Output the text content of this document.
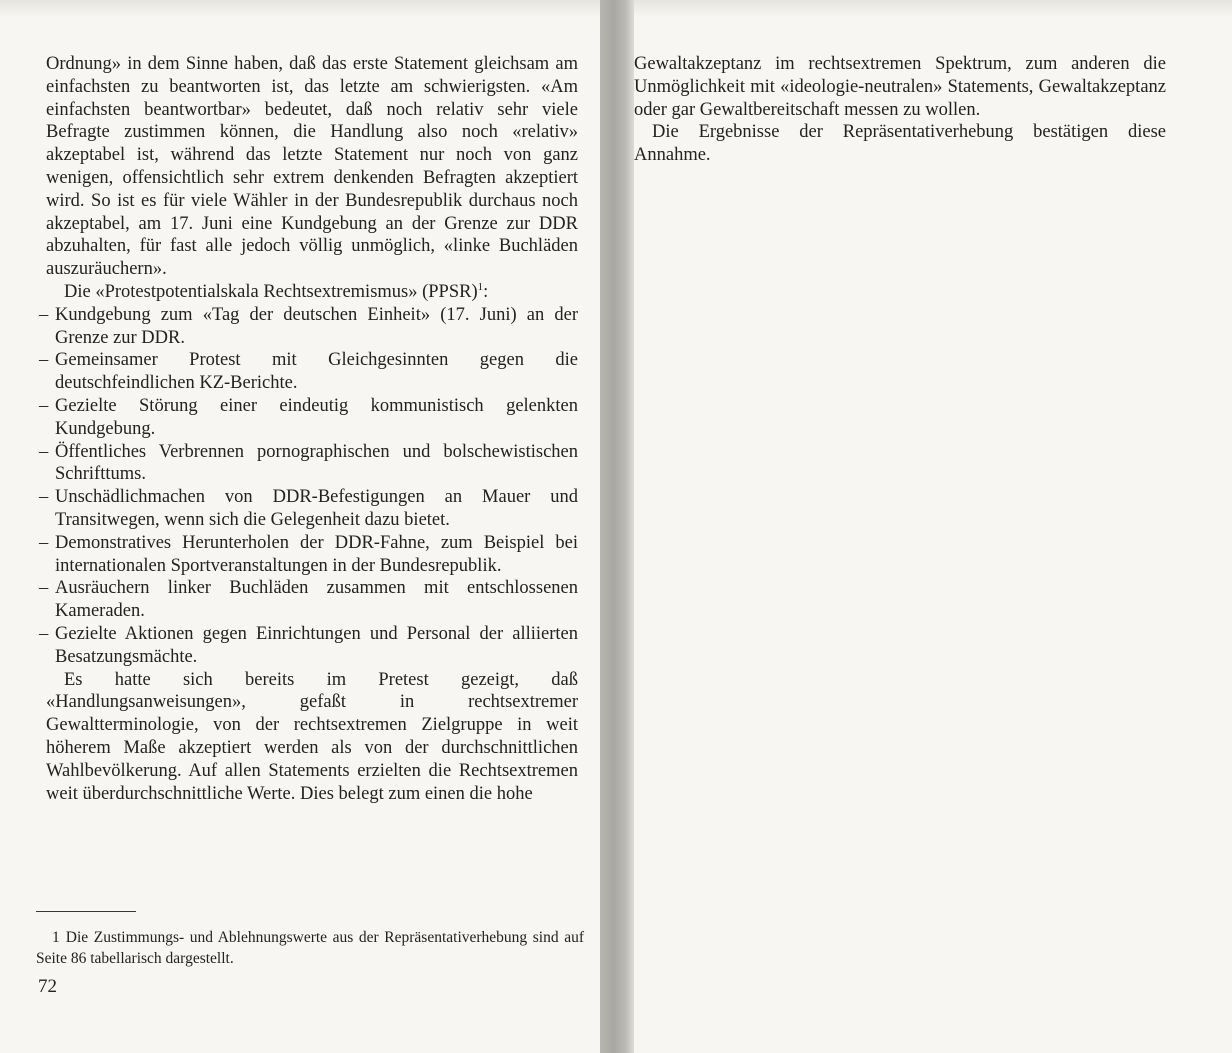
Ordnung» in dem Sinne haben, daß das erste Statement gleichsam am einfachsten zu beantworten ist, das letzte am schwierigsten. «Am einfachsten beantwortbar» bedeutet, daß noch relativ sehr viele Befragte zustimmen können, die Handlung also noch «relativ» akzeptabel ist, während das letzte Statement nur noch von ganz wenigen, offensichtlich sehr extrem denkenden Befragten akzeptiert wird. So ist es für viele Wähler in der Bundesrepublik durchaus noch akzeptabel, am 17. Juni eine Kundgebung an der Grenze zur DDR abzuhalten, für fast alle jedoch völlig unmöglich, «linke Buchläden auszuräuchern».

Die «Protestpotentialskala Rechtsextremismus» (PPSR)$^1$:

– Kundgebung zum «Tag der deutschen Einheit» (17. Juni) an der Grenze zur DDR.
– Gemeinsamer Protest mit Gleichgesinnten gegen die deutschfeindlichen KZ-Berichte.
– Gezielte Störung einer eindeutig kommunistisch gelenkten Kundgebung.
– Öffentliches Verbrennen pornographischen und bolschewistischen Schrifttums.
– Unschädlichmachen von DDR-Befestigungen an Mauer und Transitwegen, wenn sich die Gelegenheit dazu bietet.
– Demonstratives Herunterholen der DDR-Fahne, zum Beispiel bei internationalen Sportveranstaltungen in der Bundesrepublik.
– Ausräuchern linker Buchläden zusammen mit entschlossenen Kameraden.
– Gezielte Aktionen gegen Einrichtungen und Personal der alliierten Besatzungsmächte.

Es hatte sich bereits im Pretest gezeigt, daß «Handlungsanweisungen», gefaßt in rechtsextremer Gewaltterminologie, von der rechtsextremen Zielgruppe in weit höherem Maße akzeptiert werden als von der durchschnittlichen Wahlbevölkerung. Auf allen Statements erzielten die Rechtsextremen weit überdurchschnittliche Werte. Dies belegt zum einen die hohe

1 Die Zustimmungs- und Ablehnungswerte aus der Repräsentativerhebung sind auf Seite 86 tabellarisch dargestellt.
72

Gewaltakzeptanz im rechtsextremen Spektrum, zum anderen die Unmöglichkeit mit «ideologie-neutralen» Statements, Gewaltakzeptanz oder gar Gewaltbereitschaft messen zu wollen.

Die Ergebnisse der Repräsentativerhebung bestätigen diese Annahme.
